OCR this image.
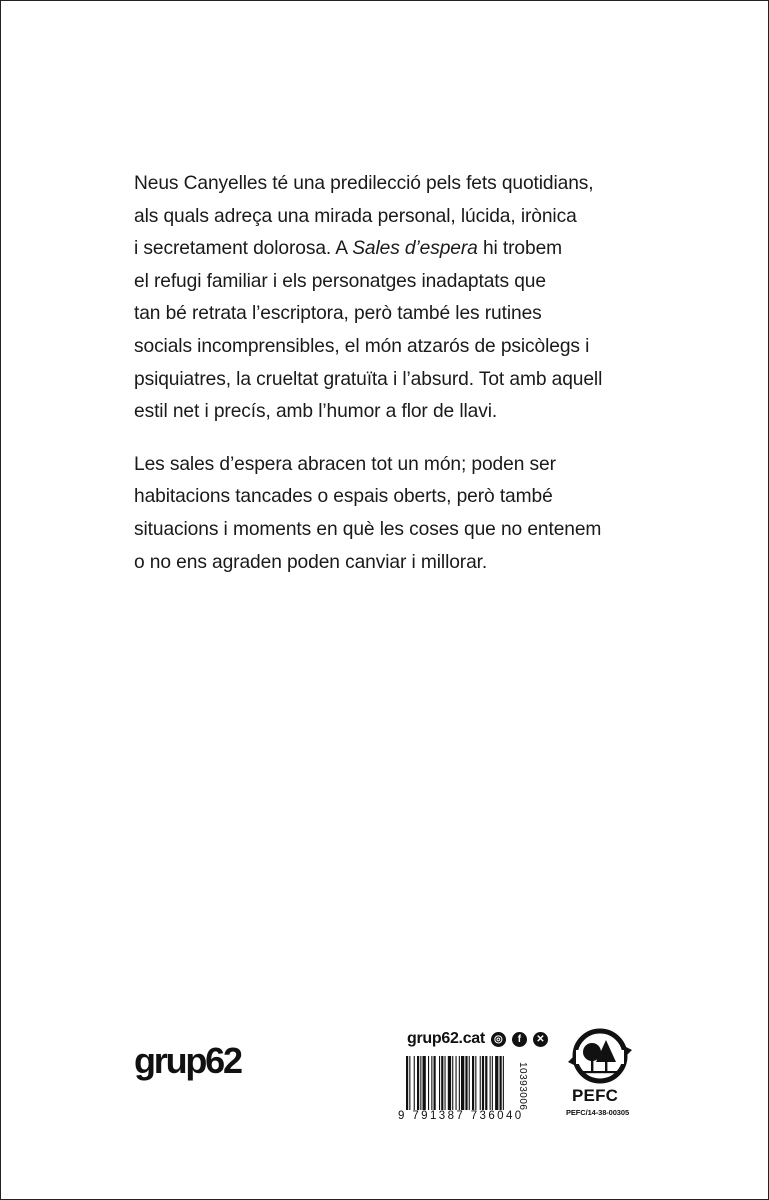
Neus Canyelles té una predilecció pels fets quotidians,
als quals adreça una mirada personal, lúcida, irònica
i secretament dolorosa. A Sales d’espera hi trobem
el refugi familiar i els personatges inadaptats que
tan bé retrata l’escriptora, però també les rutines
socials incomprensibles, el món atzarós de psicòlegs i
psiquiatres, la crueltat gratuïta i l’absurd. Tot amb aquell
estil net i precís, amb l’humor a flor de llavi.

Les sales d’espera abracen tot un món; poden ser
habitacions tancades o espais oberts, però també
situacions i moments en què les coses que no entenem
o no ens agraden poden canviar i millorar.

grup62
grup62.cat ◎	f	✕
9 791387 736040
10393006	PEFC
PEFC/14-38-00305
